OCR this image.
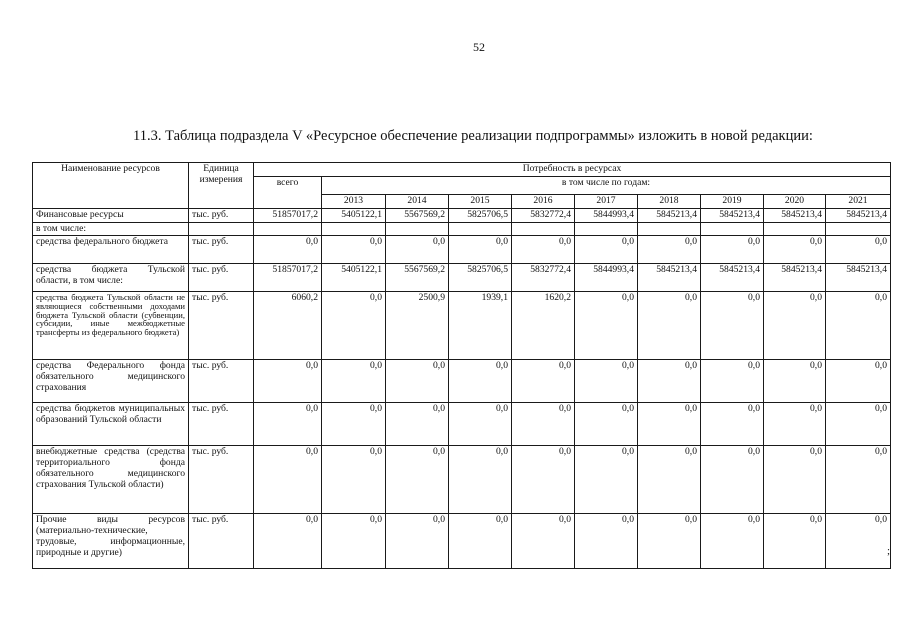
52
11.3. Таблица подраздела V «Ресурсное обеспечение реализации подпрограммы» изложить в новой редакции:
Наименование ресурсов	Единица измерения	Потребность в ресурсах									
		всего	в том числе по годам:								
			2013	2014	2015	2016	2017	2018	2019	2020	2021
Финансовые ресурсы	тыс. руб.	51857017,2	5405122,1	5567569,2	5825706,5	5832772,4	5844993,4	5845213,4	5845213,4	5845213,4	5845213,4
в том числе:											
средства федерального бюджета	тыс. руб.	0,0	0,0	0,0	0,0	0,0	0,0	0,0	0,0	0,0	0,0
средства бюджета Тульской области, в том числе:	тыс. руб.	51857017,2	5405122,1	5567569,2	5825706,5	5832772,4	5844993,4	5845213,4	5845213,4	5845213,4	5845213,4
средства бюджета Тульской области не являющиеся собственными доходами бюджета Тульской области (субвенции, субсидии, иные межбюджетные трансферты из федерального бюджета)	тыс. руб.	6060,2	0,0	2500,9	1939,1	1620,2	0,0	0,0	0,0	0,0	0,0
средства Федерального фонда обязательного медицинского страхования	тыс. руб.	0,0	0,0	0,0	0,0	0,0	0,0	0,0	0,0	0,0	0,0
средства бюджетов муниципальных образований Тульской области	тыс. руб.	0,0	0,0	0,0	0,0	0,0	0,0	0,0	0,0	0,0	0,0
внебюджетные средства (средства территориального фонда обязательного медицинского страхования Тульской области)	тыс. руб.	0,0	0,0	0,0	0,0	0,0	0,0	0,0	0,0	0,0	0,0
Прочие виды ресурсов (материально-технические, трудовые, информационные, природные и другие)	тыс. руб.	0,0	0,0	0,0	0,0	0,0	0,0	0,0	0,0	0,0	0,0
;
